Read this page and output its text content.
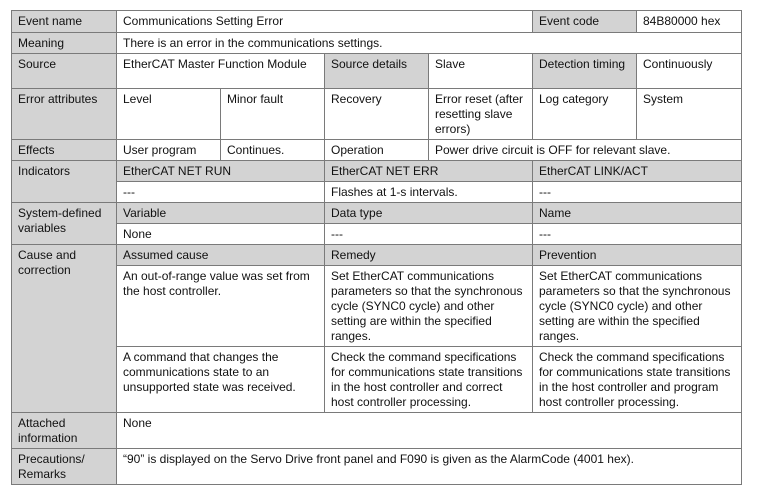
Event name	Communications Setting Error				Event code	84B80000 hex
Meaning	There is an error in the communications settings.					
Source	EtherCAT Master Function Module		Source details	Slave	Detection timing	Continuously
Error attributes	Level	Minor fault	Recovery	Error reset (after resetting slave errors)	Log category	System
Effects	User program	Continues.	Operation	Power drive circuit is OFF for relevant slave.		
Indicators	EtherCAT NET RUN		EtherCAT NET ERR		EtherCAT LINK/ACT	
	---		Flashes at 1-s intervals.		---	
System-defined variables	Variable		Data type		Name	
	None		---		---	
Cause and correction	Assumed cause		Remedy		Prevention	
	An out-of-range value was set from the host controller.		Set EtherCAT communications parameters so that the synchronous cycle (SYNC0 cycle) and other setting are within the specified ranges.		Set EtherCAT communications parameters so that the synchronous cycle (SYNC0 cycle) and other setting are within the specified ranges.	
	A command that changes the communications state to an unsupported state was received.		Check the command specifications for communications state transitions in the host controller and correct host controller processing.		Check the command specifications for communications state transitions in the host controller and program host controller processing.	
Attached information	None					
Precautions/ Remarks	“90” is displayed on the Servo Drive front panel and F090 is given as the AlarmCode (4001 hex).					
